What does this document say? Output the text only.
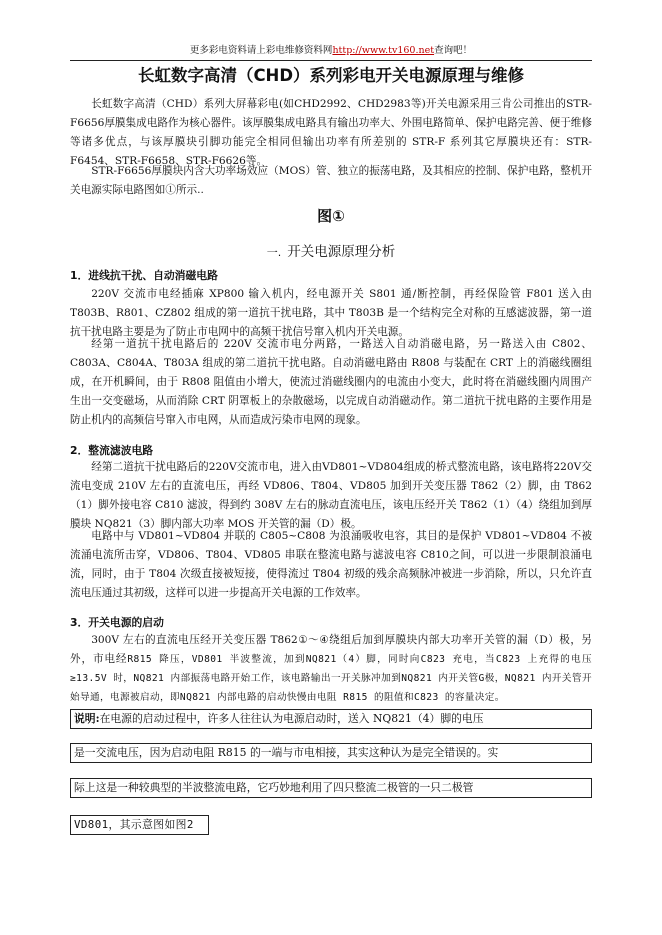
更多彩电资料请上彩电维修资料网http://www.tv160.net查询吧！
长虹数字高清（CHD）系列彩电开关电源原理与维修

长虹数字高清（CHD）系列大屏幕彩电(如CHD2992、CHD2983等)开关电源采用三肯公司推出的STR-F6656厚膜集成电路作为核心器件。该厚膜集成电路具有输出功率大、外围电路简单、保护电路完善、便于维修等诸多优点，与该厚膜块引脚功能完全相同但输出功率有所差别的 STR-F 系列其它厚膜块还有：STR-F6454、STR-F6658、STR-F6626等。

STR-F6656厚膜块内含大功率场效应（MOS）管、独立的振荡电路，及其相应的控制、保护电路，整机开关电源实际电路图如①所示..

图①
一. 开关电源原理分析
1．进线抗干扰、自动消磁电路

220V 交流市电经插麻 XP800 输入机内，经电源开关 S801 通/断控制，再经保险管 F801 送入由T803B、R801、CZ802 组成的第一道抗干扰电路，其中 T803B 是一个结构完全对称的互感滤波器，第一道抗干扰电路主要是为了防止市电网中的高频干扰信号窜入机内开关电源。

经第一道抗干扰电路后的 220V 交流市电分两路，一路送入自动消磁电路，另一路送入由 C802、C803A、C804A、T803A 组成的第二道抗干扰电路。自动消磁电路由 R808 与装配在 CRT 上的消磁线圈组成，在开机瞬间，由于 R808 阻值由小增大，使流过消磁线圈内的电流由小变大，此时将在消磁线圈内周围产生出一交变磁场，从而消除 CRT 阴罩板上的杂散磁场，以完成自动消磁动作。第二道抗干扰电路的主要作用是防止机内的高频信号窜入市电网，从而造成污染市电网的现象。

2．整流滤波电路

经第二道抗干扰电路后的220V交流市电，进入由VD801~VD804组成的桥式整流电路，该电路将220V交流电变成 210V 左右的直流电压，再经 VD806、T804、VD805 加到开关变压器 T862（2）脚，由 T862（1）脚外接电容 C810 滤波，得到约 308V 左右的脉动直流电压，该电压经开关 T862（1）（4）绕组加到厚膜块 NQ821（3）脚内部大功率 MOS 开关管的漏（D）极。

电路中与 VD801~VD804 并联的 C805~C808 为浪涌吸收电容，其目的是保护 VD801~VD804 不被流涌电流所击穿，VD806、T804、VD805 串联在整流电路与滤波电容 C810之间，可以进一步限制浪涌电流，同时，由于 T804 次级直接被短接，使得流过 T804 初级的残余高频脉冲被进一步消除，所以，只允许直流电压通过其初级，这样可以进一步提高开关电源的工作效率。

3．开关电源的启动

300V 左右的直流电压经开关变压器 T862①～④绕组后加到厚膜块内部大功率开关管的漏（D）极，另外，市电经R815 降压，VD801 半波整流，加到NQ821（4）脚，同时向C823 充电，当C823 上充得的电压≥13.5V 时，NQ821 内部振荡电路开始工作，该电路输出一开关脉冲加到NQ821 内开关管G极，NQ821 内开关管开始导通，电源被启动，即NQ821 内部电路的启动快慢由电阻 R815 的阻值和C823 的容量决定。

说明:在电源的启动过程中，许多人往往认为电源启动时，送入 NQ821（4）脚的电压
是一交流电压，因为启动电阻 R815 的一端与市电相接，其实这种认为是完全错误的。实
际上这是一种较典型的半波整流电路，它巧妙地利用了四只整流二极管的一只二极管
VD801，其示意图如图2
